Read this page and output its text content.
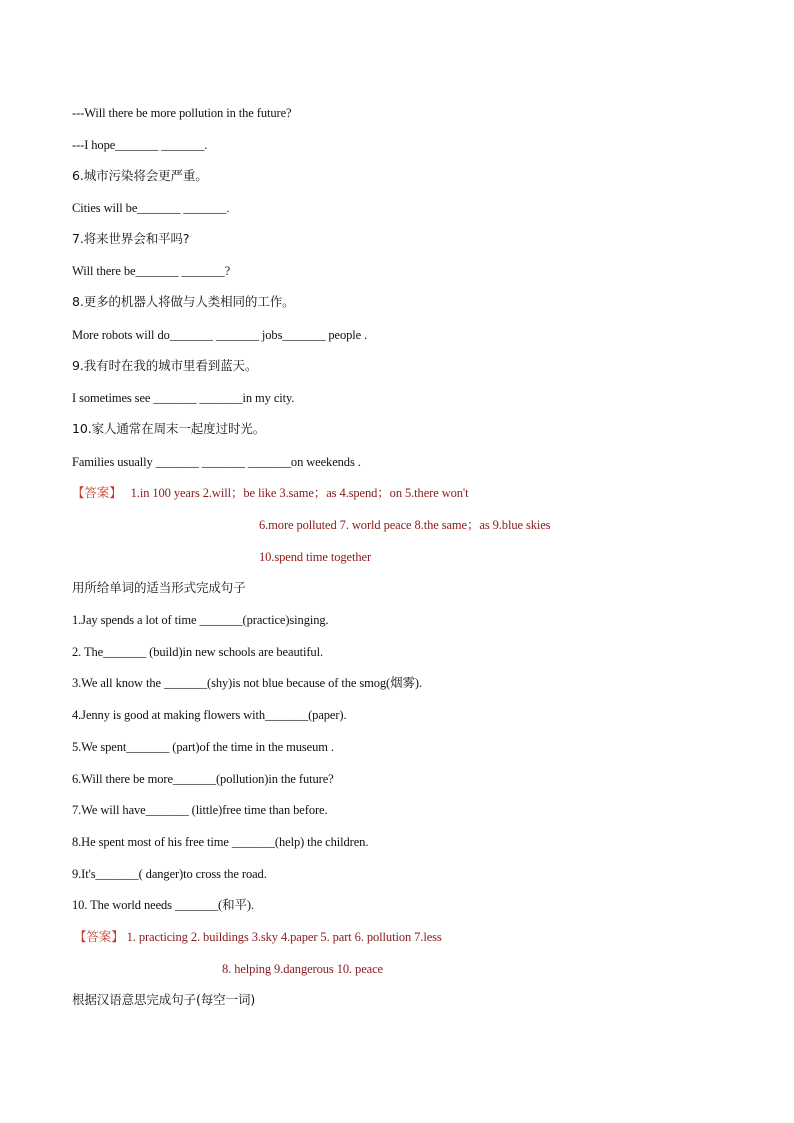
---Will there be more pollution in the future?
---I hope_______ _______.
6.城市污染将会更严重。
Cities will be_______ _______.
7.将来世界会和平吗?
Will there be_______ _______?
8.更多的机器人将做与人类相同的工作。
More robots will do_______ _______ jobs_______ people .
9.我有时在我的城市里看到蓝天。
I sometimes see _______ _______in my city.
10.家人通常在周末一起度过时光。
Families usually _______ _______ _______on weekends .
【答案】 1.in 100 years 2.will；be like 3.same；as 4.spend；on 5.there won't
6.more polluted 7. world peace 8.the same；as 9.blue skies
10.spend time together
用所给单词的适当形式完成句子
1.Jay spends a lot of time _______(practice)singing.
2. The_______ (build)in new schools are beautiful.
3.We all know the _______(shy)is not blue because of the smog(烟雾).
4.Jenny is good at making flowers with_______(paper).
5.We spent_______ (part)of the time in the museum .
6.Will there be more_______(pollution)in the future?
7.We will have_______ (little)free time than before.
8.He spent most of his free time _______(help) the children.
9.It's_______( danger)to cross the road.
10. The world needs _______(和平).
【答案】 1. practicing 2. buildings 3.sky 4.paper 5. part 6. pollution 7.less
8. helping 9.dangerous 10. peace
根据汉语意思完成句子(每空一词)
